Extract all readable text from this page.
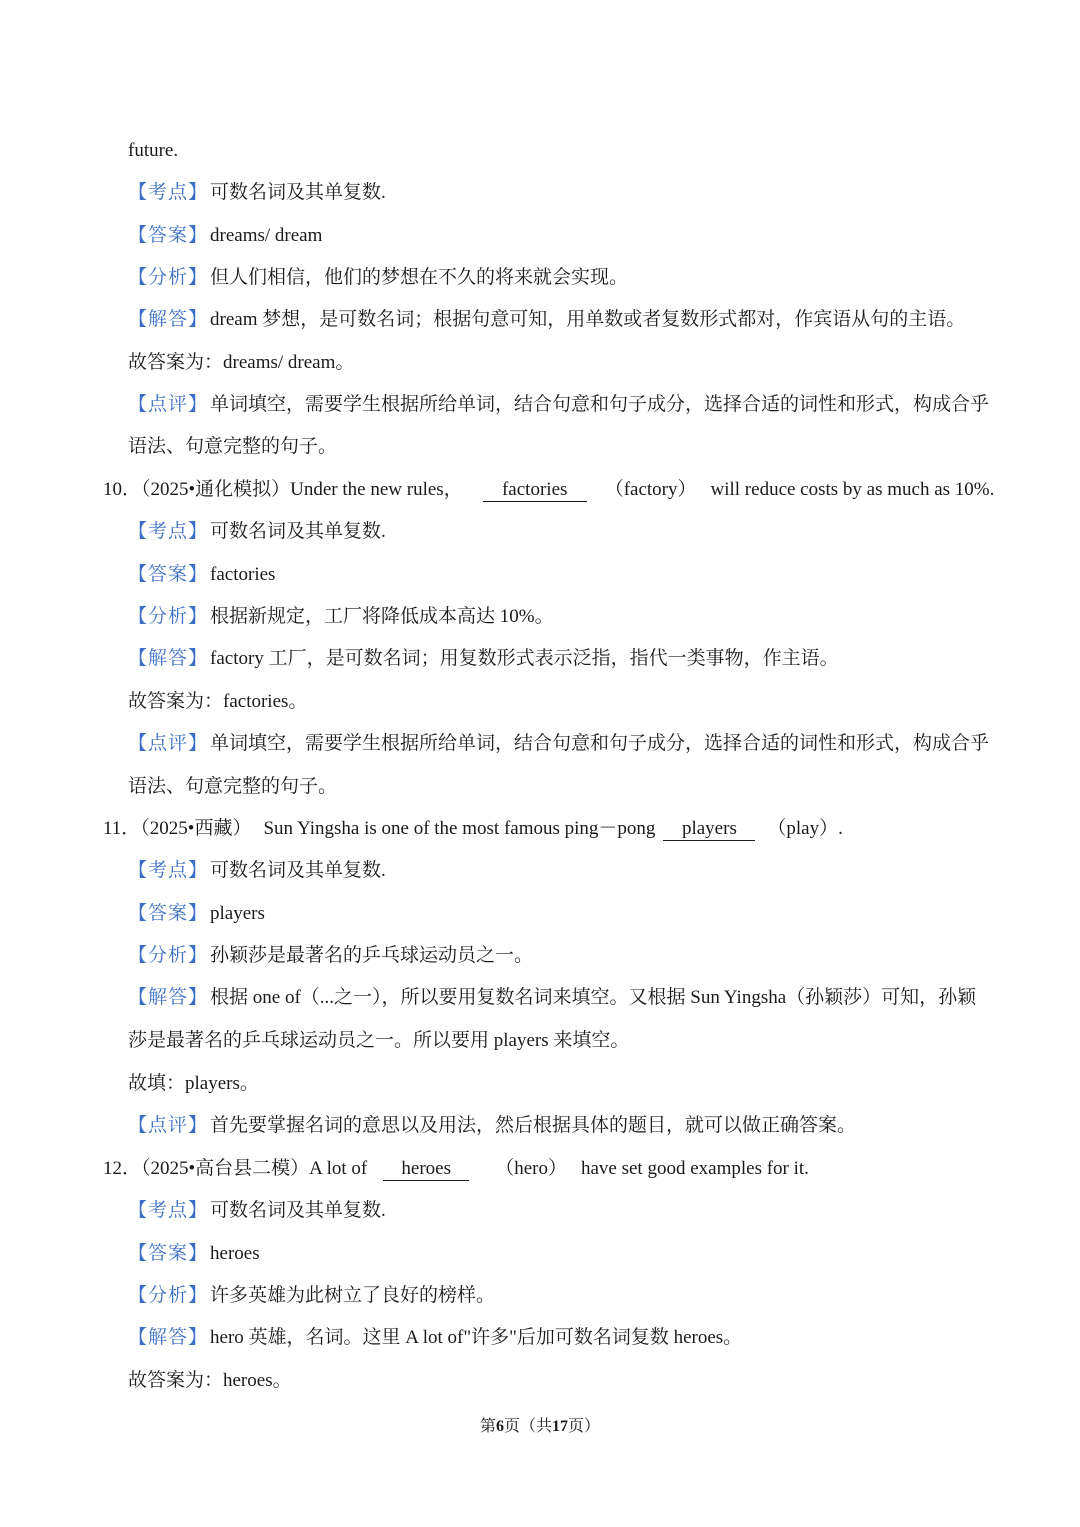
future.
【考点】 可数名词及其单复数.
【答案】 dreams/ dream
【分析】 但人们相信，他们的梦想在不久的将来就会实现。
【解答】 dream 梦想，是可数名词；根据句意可知，用单数或者复数形式都对，作宾语从句的主语。
故答案为：dreams/ dream。
【点评】 单词填空，需要学生根据所给单词，结合句意和句子成分，选择合适的词性和形式，构成合乎
语法、句意完整的句子。
10．（2025•通化模拟）Under the new rules， factories （factory） will reduce costs by as much as 10%.
【考点】 可数名词及其单复数.
【答案】 factories
【分析】 根据新规定，工厂将降低成本高达 10%。
【解答】 factory 工厂，是可数名词；用复数形式表示泛指，指代一类事物，作主语。
故答案为：factories。
【点评】 单词填空，需要学生根据所给单词，结合句意和句子成分，选择合适的词性和形式，构成合乎
语法、句意完整的句子。
11．（2025•西藏） Sun Yingsha is one of the most famous ping－pong players （play）.
【考点】 可数名词及其单复数.
【答案】 players
【分析】 孙颖莎是最著名的乒乓球运动员之一。
【解答】 根据 one of（...之一），所以要用复数名词来填空。又根据 Sun Yingsha（孙颖莎）可知，孙颖
莎是最著名的乒乓球运动员之一。所以要用 players 来填空。
故填：players。
【点评】 首先要掌握名词的意思以及用法，然后根据具体的题目，就可以做正确答案。
12．（2025•高台县二模）A lot of heroes （hero） have set good examples for it.
【考点】 可数名词及其单复数.
【答案】 heroes
【分析】 许多英雄为此树立了良好的榜样。
【解答】 hero 英雄，名词。这里 A lot of"许多"后加可数名词复数 heroes。
故答案为：heroes。
第6页（共17页）
